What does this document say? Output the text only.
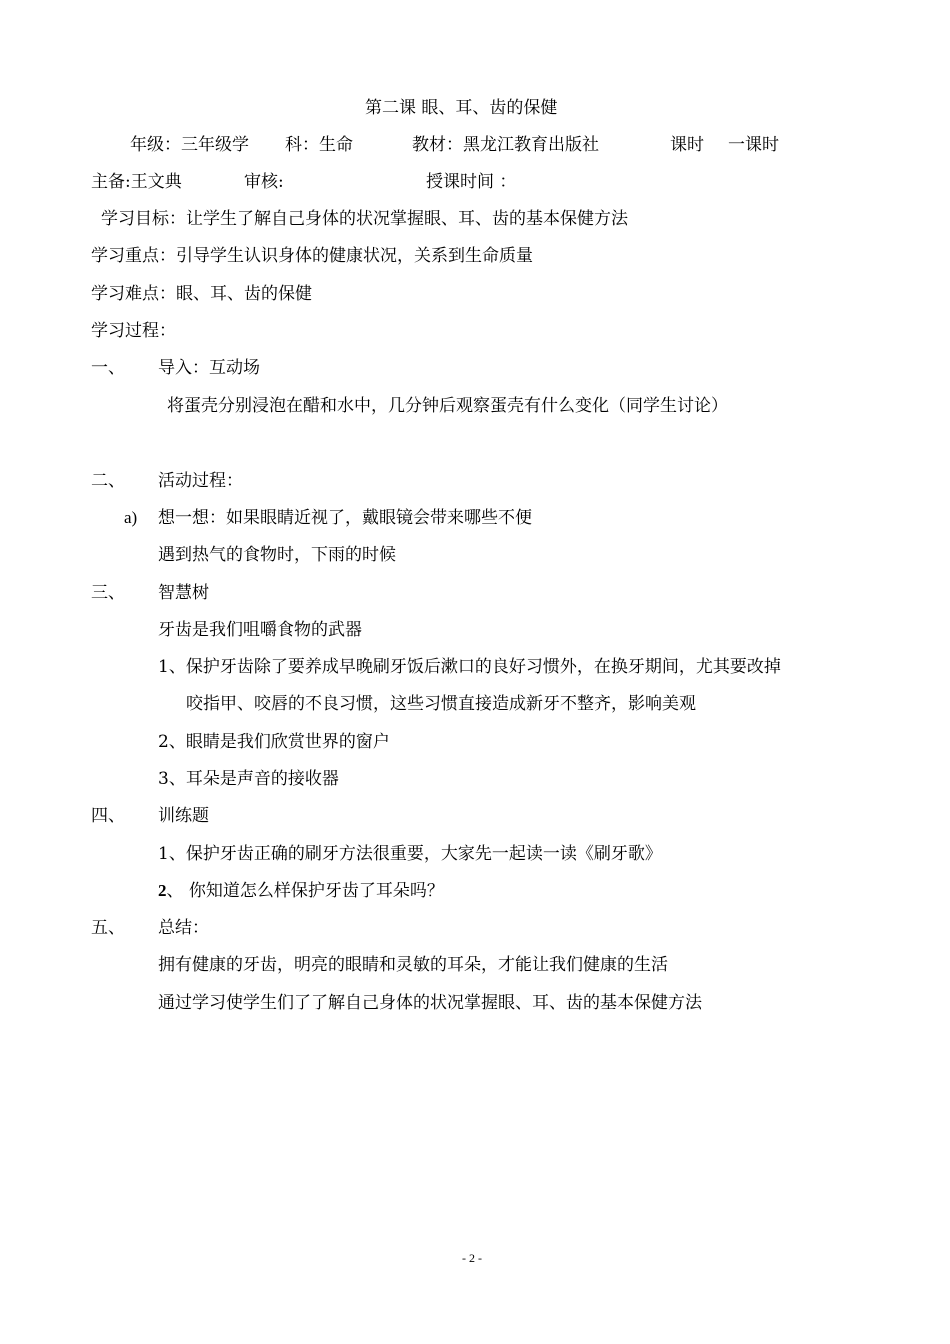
第二课 眼、耳、齿的保健
年级：三年级学 科：生命	教材：黑龙江教育出版社	课时 一课时
主备:王文典	审核:	授课时间 ：
学习目标：让学生了解自己身体的状况掌握眼、耳、齿的基本保健方法
学习重点：引导学生认识身体的健康状况，关系到生命质量
学习难点：眼、耳、齿的保健
学习过程：
一、 导入：互动场
将蛋壳分别浸泡在醋和水中，几分钟后观察蛋壳有什么变化（同学生讨论）
二、 活动过程：
a) 想一想：如果眼睛近视了，戴眼镜会带来哪些不便
遇到热气的食物时，下雨的时候
三、 智慧树
牙齿是我们咀嚼食物的武器
1、保护牙齿除了要养成早晚刷牙饭后漱口的良好习惯外，在换牙期间，尤其要改掉
咬指甲、咬唇的不良习惯，这些习惯直接造成新牙不整齐，影响美观
2、眼睛是我们欣赏世界的窗户
3、耳朵是声音的接收器
四、 训练题
1、保护牙齿正确的刷牙方法很重要，大家先一起读一读《刷牙歌》
2、 你知道怎么样保护牙齿了耳朵吗？
五、 总结：
拥有健康的牙齿，明亮的眼睛和灵敏的耳朵，才能让我们健康的生活
通过学习使学生们了了解自己身体的状况掌握眼、耳、齿的基本保健方法
- 2 -
